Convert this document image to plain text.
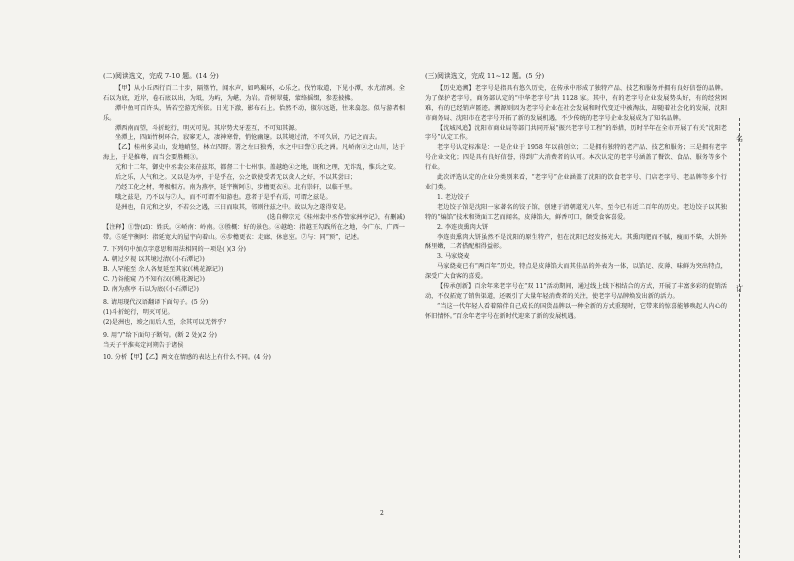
(二)阅读选文，完成 7-10 题。(14 分)

【甲】从小丘西行百二十步，隔篁竹，闻水声，如鸣珮环，心乐之。伐竹取道，下见小潭，水尤清冽。全石以为底，近岸，卷石底以出，为坻，为屿，为嵁，为岩。青树翠蔓，蒙络摇缀，参差披拂。

潭中鱼可百许头，皆若空游无所依。日光下澈，影布石上。佁然不动，俶尔远逝，往来翕忽。似与游者相乐。

潭西南而望，斗折蛇行，明灭可见。其岸势犬牙差互，不可知其源。

坐潭上，四面竹树环合，寂寥无人，凄神寒骨，悄怆幽邃。以其境过清，不可久居，乃记之而去。

【乙】桂州多灵山，发地峭竖，林立四野。署之左曰独秀，水之中曰訾①氏之洲。凡峤南②之山川，达于海上，于是推尊，而当会要胜概③。

元和十二年，御史中丞裴公来莅兹邦，都督二十七州事。盖越绝④之地，既和之理，无诈乱，惟兵之安。

后之乐，人气和之。又以是为亭，于是乎在，公之欲使受者无以贪人之好，不以其尝曰；

乃经工化之材，考极相方。南为燕亭，延宇衡阿⑤，步檐更衣⑥。北有崇轩，以临千里。

哦之兹是，乃不以与⑦人，而不可谓不知游也。意者于是乎有焉，可谓之兹是。

是洲也，自元和之岁，不若公之遇，三日而取其，邻则往兹之中。故以为之遂得安是。

(选自柳宗元《桂州裴中丞作訾家洲亭记》，有删减)

【注释】①訾(zī)：姓氏。②峤南：岭南。③胜概：好的景色。④越绝：指越王勾践所在之地，今广东、广西一带。⑤延宇衡阿：指延宽大的屋宇向着山。⑥步檐更衣：走廊、休息室。⑦与：同“预”，记述。

7. 下列句中加点字意思和用法相同的一项是( )(3 分)

A. 朝过夕视 以其境过清(《小石潭记》)

B. 人罕能至 余人各复延至其家(《桃花源记》)

C. 乃谷能窥 乃不知有汉(《桃花源记》)

D. 南为燕亭 石以为底(《小石潭记》)

8. 请用现代汉语翻译下面句子。(5 分)

(1)斗折蛇行，明灭可见。

(2)是洲也，竣之而后人至，余其可以无替乎？

9. 用“/”给下面句子断句。(断 2 处)(2 分)

当天子平淮夷定河朔告于诸侯

10. 分析【甲】【乙】两文在情感的表达上有什么不同。(4 分)

(三)阅读选文，完成 11~12 题。(5 分)

【历史追溯】老字号是指具有悠久历史，在传承中形成了独特产品、技艺和服务并拥有良好信誉的品牌。为了保护老字号，商务部认定的“中华老字号”共 1128 家。其中，有的老字号企业发展势头好，有的经营困难，有的已经销声匿迹。溯源则因为老字号企业在社会发展和时代变迁中被淘汰，却随着社会化的发展，沈阳市商务局、沈阳市在老字号开拓了新的发展机遇，不少传统的老字号企业发展成为了知名品牌。

【沈城风追】沈阳市商业局等部门共同开展“振兴老字号工程”的举措，历时半年在全市开展了有关“沈阳老字号”认定工作。

老字号认定标准是：一是企业于 1958 年以前创立；二是拥有独特的老产品、技艺和服务；三是拥有老字号企业文化；四是具有良好信誉，得到广大消费者的认可。本次认定的老字号涵盖了餐饮、食品、服务等多个行业。

此次评选认定的企业分类别来看，“老字号”企业涵盖了沈阳的饮食老字号、门店老字号、老品牌等多个行业门类。

1. 老边饺子

老边饺子馆是沈阳一家著名的饺子馆，创建于清朝道光八年，至今已有近二百年的历史。老边饺子以其独特的“煸馅”技术和烫面工艺而闻名，皮薄馅大，鲜香可口，颇受食客喜爱。

2. 李连贵熏肉大饼

李连贵熏肉大饼虽然不是沈阳的原生特产，但在沈阳已经发扬光大。其熏肉肥而不腻，瘦而不柴，大饼外酥里嫩，二者搭配相得益彰。

3. 马家烧麦

马家烧麦已有“两百年”历史，特点是皮薄馅大而其佳品的外表为一体，以馅足、皮薄、味鲜为突出特点，深受广大食客的喜爱。

【传承创新】百余年来老字号在“双 11”活动期间，通过线上线下相结合的方式，开展了丰富多彩的促销活动，不仅拓宽了销售渠道，还吸引了大量年轻消费者的关注，使老字号品牌焕发出新的活力。

“当这一代年轻人看着陪伴自己成长的国货品牌以一种全新的方式重现时，它带来的惊喜能够唤起人内心的怀旧情怀。”百余年老字号在新时代迎来了新的发展机遇。

2
名
订
